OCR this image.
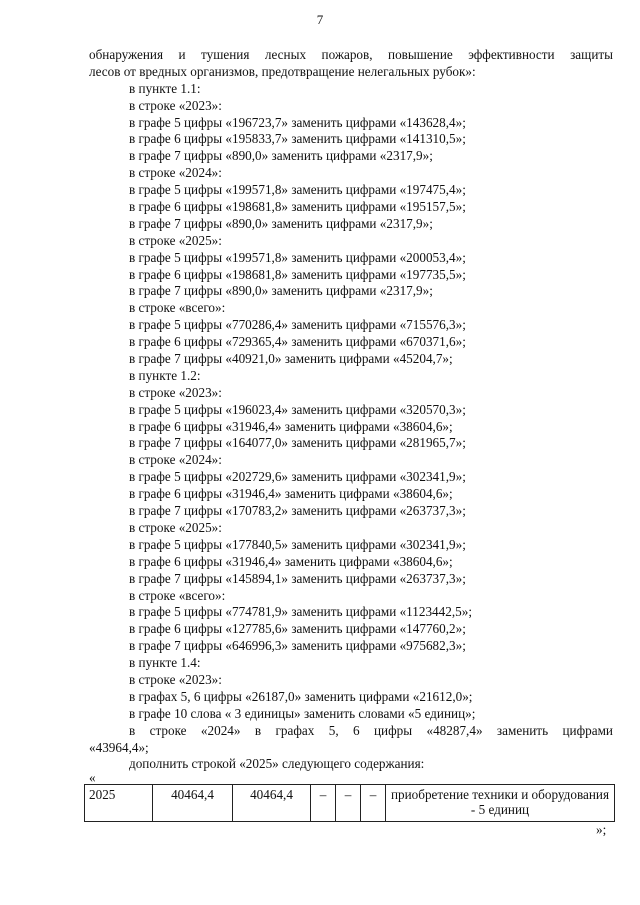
7
обнаружения и тушения лесных пожаров, повышение эффективности защиты
лесов от вредных организмов, предотвращение нелегальных рубок»:
в пункте 1.1:
в строке «2023»:
в графе 5 цифры «196723,7» заменить цифрами «143628,4»;
в графе 6 цифры «195833,7» заменить цифрами «141310,5»;
в графе 7 цифры «890,0» заменить цифрами «2317,9»;
в строке «2024»:
в графе 5 цифры «199571,8» заменить цифрами «197475,4»;
в графе 6 цифры «198681,8» заменить цифрами «195157,5»;
в графе 7 цифры «890,0» заменить цифрами «2317,9»;
в строке «2025»:
в графе 5 цифры «199571,8» заменить цифрами «200053,4»;
в графе 6 цифры «198681,8» заменить цифрами «197735,5»;
в графе 7 цифры «890,0» заменить цифрами «2317,9»;
в строке «всего»:
в графе 5 цифры «770286,4» заменить цифрами «715576,3»;
в графе 6 цифры «729365,4» заменить цифрами «670371,6»;
в графе 7 цифры «40921,0» заменить цифрами «45204,7»;
в пункте 1.2:
в строке «2023»:
в графе 5 цифры «196023,4» заменить цифрами «320570,3»;
в графе 6 цифры «31946,4» заменить цифрами «38604,6»;
в графе 7 цифры «164077,0» заменить цифрами «281965,7»;
в строке «2024»:
в графе 5 цифры «202729,6» заменить цифрами «302341,9»;
в графе 6 цифры «31946,4» заменить цифрами «38604,6»;
в графе 7 цифры «170783,2» заменить цифрами «263737,3»;
в строке «2025»:
в графе 5 цифры «177840,5» заменить цифрами «302341,9»;
в графе 6 цифры «31946,4» заменить цифрами «38604,6»;
в графе 7 цифры «145894,1» заменить цифрами «263737,3»;
в строке «всего»:
в графе 5 цифры «774781,9» заменить цифрами «1123442,5»;
в графе 6 цифры «127785,6» заменить цифрами «147760,2»;
в графе 7 цифры «646996,3» заменить цифрами «975682,3»;
в пункте 1.4:
в строке «2023»:
в графах 5, 6 цифры «26187,0» заменить цифрами «21612,0»;
в графе 10 слова « 3 единицы» заменить словами «5 единиц»;
в строке «2024» в графах 5, 6 цифры «48287,4» заменить цифрами
«43964,4»;
дополнить строкой «2025» следующего содержания:
«
2025	40464,4	40464,4	–	–	–	приобретение техники и оборудования - 5 единиц
»;
